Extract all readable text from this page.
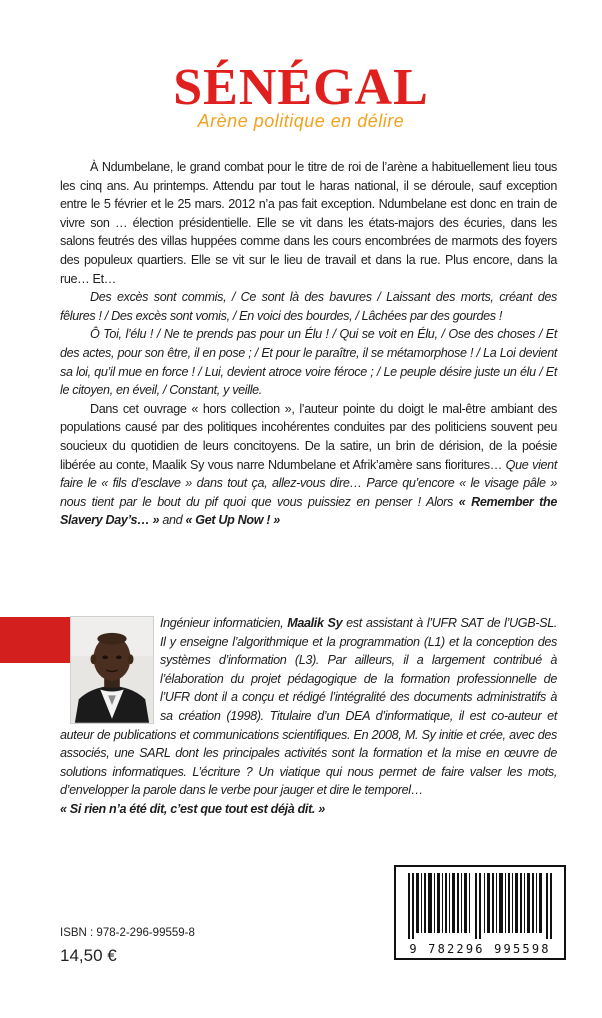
SÉNÉGAL
Arène politique en délire

À Ndumbelane, le grand combat pour le titre de roi de l’arène a habituellement lieu tous les cinq ans. Au printemps. Attendu par tout le haras national, il se déroule, sauf exception entre le 5 février et le 25 mars. 2012 n’a pas fait exception. Ndumbelane est donc en train de vivre son … élection présidentielle. Elle se vit dans les états-majors des écuries, dans les salons feutrés des villas huppées comme dans les cours encombrées de marmots des foyers des populeux quartiers. Elle se vit sur le lieu de travail et dans la rue. Plus encore, dans la rue… Et…

Des excès sont commis, / Ce sont là des bavures / Laissant des morts, créant des fêlures ! / Des excès sont vomis, / En voici des bourdes, / Lâchées par des gourdes !

Ô Toi, l’élu ! / Ne te prends pas pour un Élu ! / Qui se voit en Élu, / Ose des choses / Et des actes, pour son être, il en pose ; / Et pour le paraître, il se métamorphose ! / La Loi devient sa loi, qu’il mue en force ! / Lui, devient atroce voire féroce ; / Le peuple désire juste un élu / Et le citoyen, en éveil, / Constant, y veille.

Dans cet ouvrage « hors collection », l’auteur pointe du doigt le mal-être ambiant des populations causé par des politiques incohérentes conduites par des politiciens souvent peu soucieux du quotidien de leurs concitoyens. De la satire, un brin de dérision, de la poésie libérée au conte, Maalik Sy vous narre Ndumbelane et Afrik’amère sans fioritures… Que vient faire le « fils d’esclave » dans tout ça, allez-vous dire… Parce qu’encore « le visage pâle » nous tient par le bout du pif quoi que vous puissiez en penser ! Alors « Remember the Slavery Day’s… » and « Get Up Now ! »

Ingénieur informaticien, Maalik Sy est assistant à l’UFR SAT de l’UGB-SL. Il y enseigne l’algorithmique et la programmation (L1) et la conception des systèmes d’information (L3). Par ailleurs, il a largement contribué à l’élaboration du projet pédagogique de la formation professionnelle de l’UFR dont il a conçu et rédigé l’intégralité des documents administratifs à sa création (1998). Titulaire d’un DEA d’informatique, il est co-auteur et auteur de publications et communications scientifiques. En 2008, M. Sy initie et crée, avec des associés, une SARL dont les principales activités sont la formation et la mise en œuvre de solutions informatiques. L’écriture ? Un viatique qui nous permet de faire valser les mots, d’envelopper la parole dans le verbe pour jauger et dire le temporel…
« Si rien n’a été dit, c’est que tout est déjà dit. »
9 782296 995598
ISBN : 978-2-296-99559-8
14,50 €
